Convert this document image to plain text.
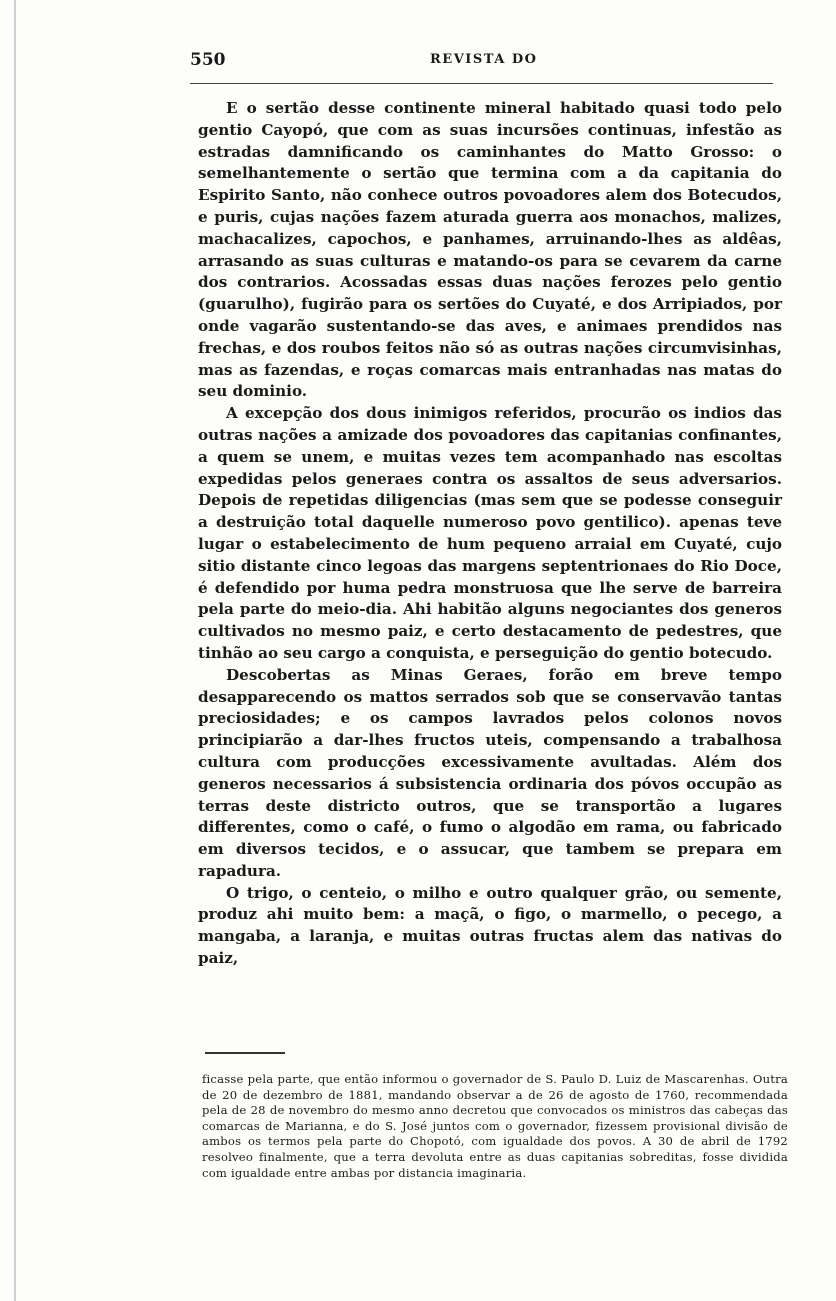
550	REVISTA DO

E o sertão desse continente mineral habitado quasi todo pelo gentio Cayopó, que com as suas incursões continuas, infestão as estradas damnificando os caminhantes do Matto Grosso: o semelhantemente o sertão que termina com a da capitania do Espirito Santo, não conhece outros povoadores alem dos Botecudos, e puris, cujas nações fazem aturada guerra aos monachos, malizes, machacalizes, capochos, e panhames, arruinando-lhes as aldêas, arrasando as suas culturas e matando-os para se cevarem da carne dos contrarios. Acossadas essas duas nações ferozes pelo gentio (guarulho), fugirão para os sertões do Cuyaté, e dos Arripiados, por onde vagarão sustentando-se das aves, e animaes prendidos nas frechas, e dos roubos feitos não só as outras nações circumvisinhas, mas as fazendas, e roças comarcas mais entranhadas nas matas do seu dominio.

A excepção dos dous inimigos referidos, procurão os indios das outras nações a amizade dos povoadores das capitanias confinantes, a quem se unem, e muitas vezes tem acompanhado nas escoltas expedidas pelos generaes contra os assaltos de seus adversarios. Depois de repetidas diligencias (mas sem que se podesse conseguir a destruição total daquelle numeroso povo gentilico). apenas teve lugar o estabelecimento de hum pequeno arraial em Cuyaté, cujo sitio distante cinco legoas das margens septentrionaes do Rio Doce, é defendido por huma pedra monstruosa que lhe serve de barreira pela parte do meio-dia. Ahi habitão alguns negociantes dos generos cultivados no mesmo paiz, e certo destacamento de pedestres, que tinhão ao seu cargo a conquista, e perseguição do gentio botecudo.

Descobertas as Minas Geraes, forão em breve tempo desapparecendo os mattos serrados sob que se conservavão tantas preciosidades; e os campos lavrados pelos colonos novos principiarão a dar-lhes fructos uteis, compensando a trabalhosa cultura com producções excessivamente avultadas. Além dos generos necessarios á subsistencia ordinaria dos póvos occupão as terras deste districto outros, que se transportão a lugares differentes, como o café, o fumo o algodão em rama, ou fabricado em diversos tecidos, e o assucar, que tambem se prepara em rapadura.

O trigo, o centeio, o milho e outro qualquer grão, ou semente, produz ahi muito bem: a maçã, o figo, o marmello, o pecego, a mangaba, a laranja, e muitas outras fructas alem das nativas do paiz,

ficasse pela parte, que então informou o governador de S. Paulo D. Luiz de Mascarenhas. Outra de 20 de dezembro de 1881, mandando observar a de 26 de agosto de 1760, recommendada pela de 28 de novembro do mesmo anno decretou que convocados os ministros das cabeças das comarcas de Marianna, e do S. José juntos com o governador, fizessem provisional divisão de ambos os termos pela parte do Chopotó, com igualdade dos povos. A 30 de abril de 1792 resolveo finalmente, que a terra devoluta entre as duas capitanias sobreditas, fosse dividida com igualdade entre ambas por distancia imaginaria.
